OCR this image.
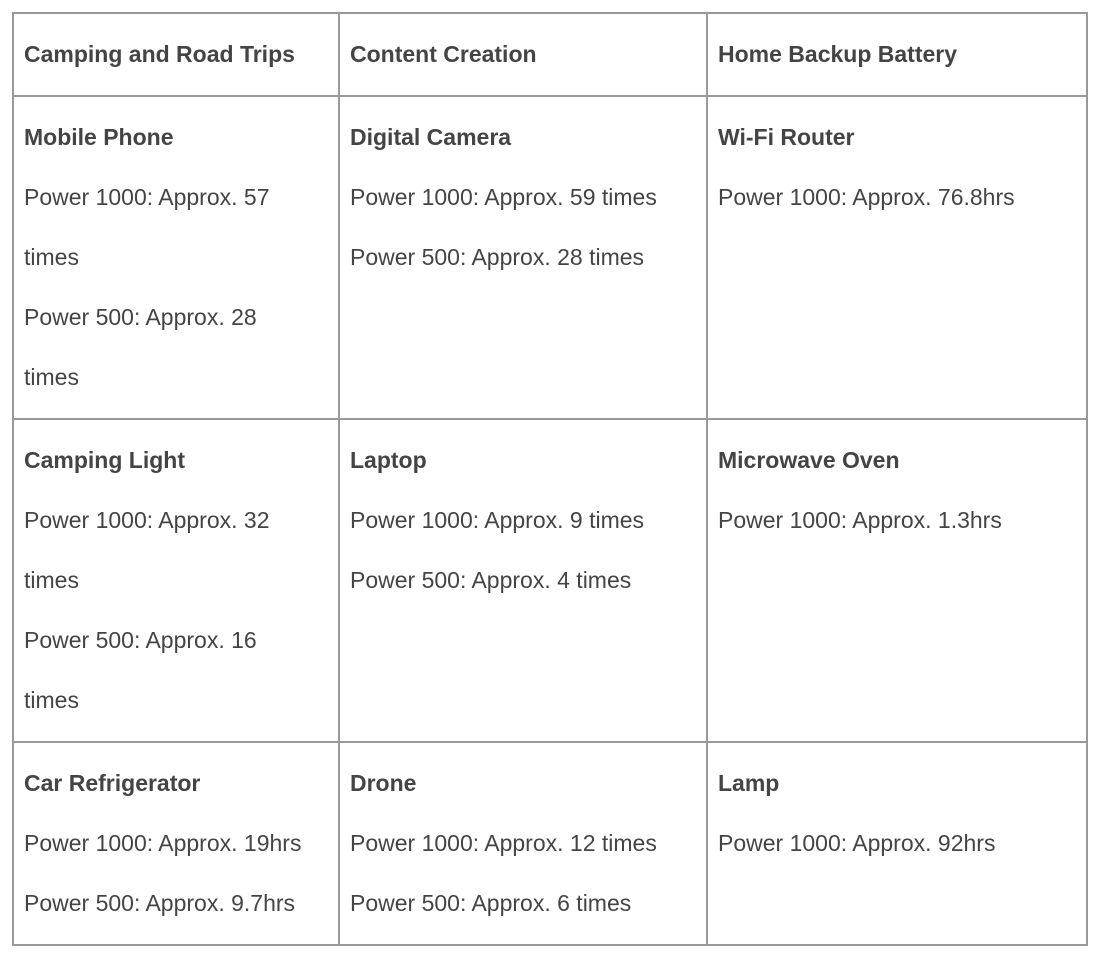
Camping and Road Trips	Content Creation	Home Backup Battery

Mobile Phone
Power 1000: Approx. 57
times
Power 500: Approx. 28
times	Digital Camera
Power 1000: Approx. 59 times
Power 500: Approx. 28 times	Wi-Fi Router
Power 1000: Approx. 76.8hrs

Camping Light
Power 1000: Approx. 32
times
Power 500: Approx. 16
times	Laptop
Power 1000: Approx. 9 times
Power 500: Approx. 4 times	Microwave Oven
Power 1000: Approx. 1.3hrs

Car Refrigerator
Power 1000: Approx. 19hrs
Power 500: Approx. 9.7hrs	Drone
Power 1000: Approx. 12 times
Power 500: Approx. 6 times	Lamp
Power 1000: Approx. 92hrs
